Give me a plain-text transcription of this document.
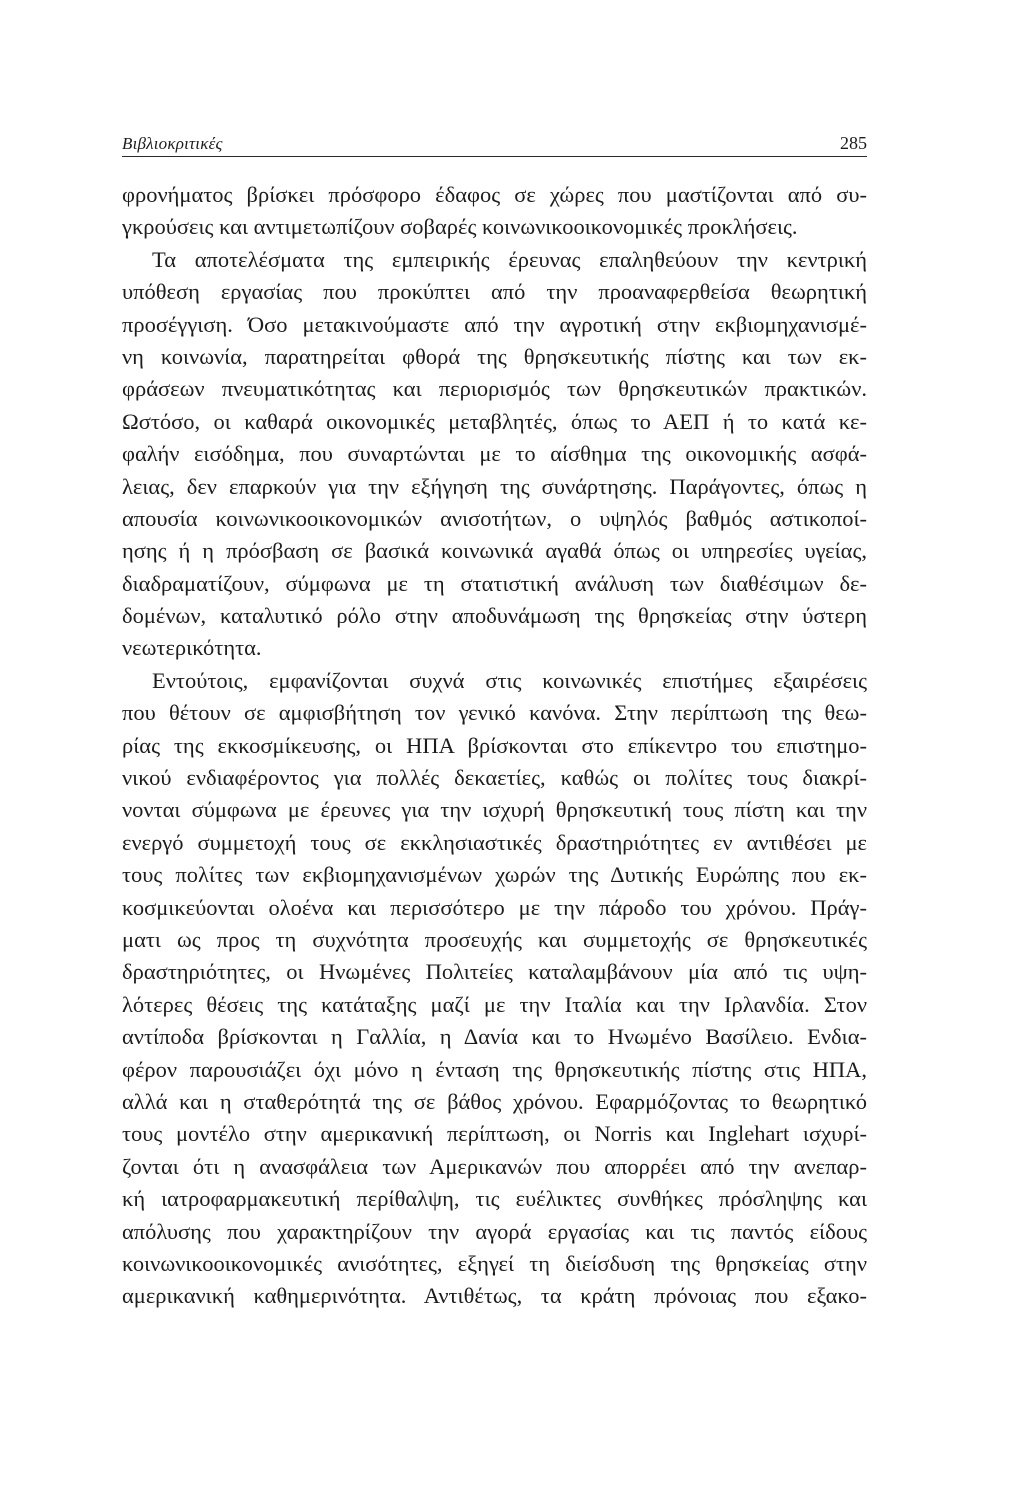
Βιβλιοκριτικές	285
φρονήματος βρίσκει πρόσφορο έδαφος σε χώρες που μαστίζονται από συ-
γκρούσεις και αντιμετωπίζουν σοβαρές κοινωνικοοικονομικές προκλήσεις.
Τα αποτελέσματα της εμπειρικής έρευνας επαληθεύουν την κεντρική
υπόθεση εργασίας που προκύπτει από την προαναφερθείσα θεωρητική
προσέγγιση. Όσο μετακινούμαστε από την αγροτική στην εκβιομηχανισμέ-
νη κοινωνία, παρατηρείται φθορά της θρησκευτικής πίστης και των εκ-
φράσεων πνευματικότητας και περιορισμός των θρησκευτικών πρακτικών.
Ωστόσο, οι καθαρά οικονομικές μεταβλητές, όπως το ΑΕΠ ή το κατά κε-
φαλήν εισόδημα, που συναρτώνται με το αίσθημα της οικονομικής ασφά-
λειας, δεν επαρκούν για την εξήγηση της συνάρτησης. Παράγοντες, όπως η
απουσία κοινωνικοοικονομικών ανισοτήτων, ο υψηλός βαθμός αστικοποί-
ησης ή η πρόσβαση σε βασικά κοινωνικά αγαθά όπως οι υπηρεσίες υγείας,
διαδραματίζουν, σύμφωνα με τη στατιστική ανάλυση των διαθέσιμων δε-
δομένων, καταλυτικό ρόλο στην αποδυνάμωση της θρησκείας στην ύστερη
νεωτερικότητα.
Εντούτοις, εμφανίζονται συχνά στις κοινωνικές επιστήμες εξαιρέσεις
που θέτουν σε αμφισβήτηση τον γενικό κανόνα. Στην περίπτωση της θεω-
ρίας της εκκοσμίκευσης, οι ΗΠΑ βρίσκονται στο επίκεντρο του επιστημο-
νικού ενδιαφέροντος για πολλές δεκαετίες, καθώς οι πολίτες τους διακρί-
νονται σύμφωνα με έρευνες για την ισχυρή θρησκευτική τους πίστη και την
ενεργό συμμετοχή τους σε εκκλησιαστικές δραστηριότητες εν αντιθέσει με
τους πολίτες των εκβιομηχανισμένων χωρών της Δυτικής Ευρώπης που εκ-
κοσμικεύονται ολοένα και περισσότερο με την πάροδο του χρόνου. Πράγ-
ματι ως προς τη συχνότητα προσευχής και συμμετοχής σε θρησκευτικές
δραστηριότητες, οι Ηνωμένες Πολιτείες καταλαμβάνουν μία από τις υψη-
λότερες θέσεις της κατάταξης μαζί με την Ιταλία και την Ιρλανδία. Στον
αντίποδα βρίσκονται η Γαλλία, η Δανία και το Ηνωμένο Βασίλειο. Ενδια-
φέρον παρουσιάζει όχι μόνο η ένταση της θρησκευτικής πίστης στις ΗΠΑ,
αλλά και η σταθερότητά της σε βάθος χρόνου. Εφαρμόζοντας το θεωρητικό
τους μοντέλο στην αμερικανική περίπτωση, οι Norris και Inglehart ισχυρί-
ζονται ότι η ανασφάλεια των Αμερικανών που απορρέει από την ανεπαρ-
κή ιατροφαρμακευτική περίθαλψη, τις ευέλικτες συνθήκες πρόσληψης και
απόλυσης που χαρακτηρίζουν την αγορά εργασίας και τις παντός είδους
κοινωνικοοικονομικές ανισότητες, εξηγεί τη διείσδυση της θρησκείας στην
αμερικανική καθημερινότητα. Αντιθέτως, τα κράτη πρόνοιας που εξακο-
